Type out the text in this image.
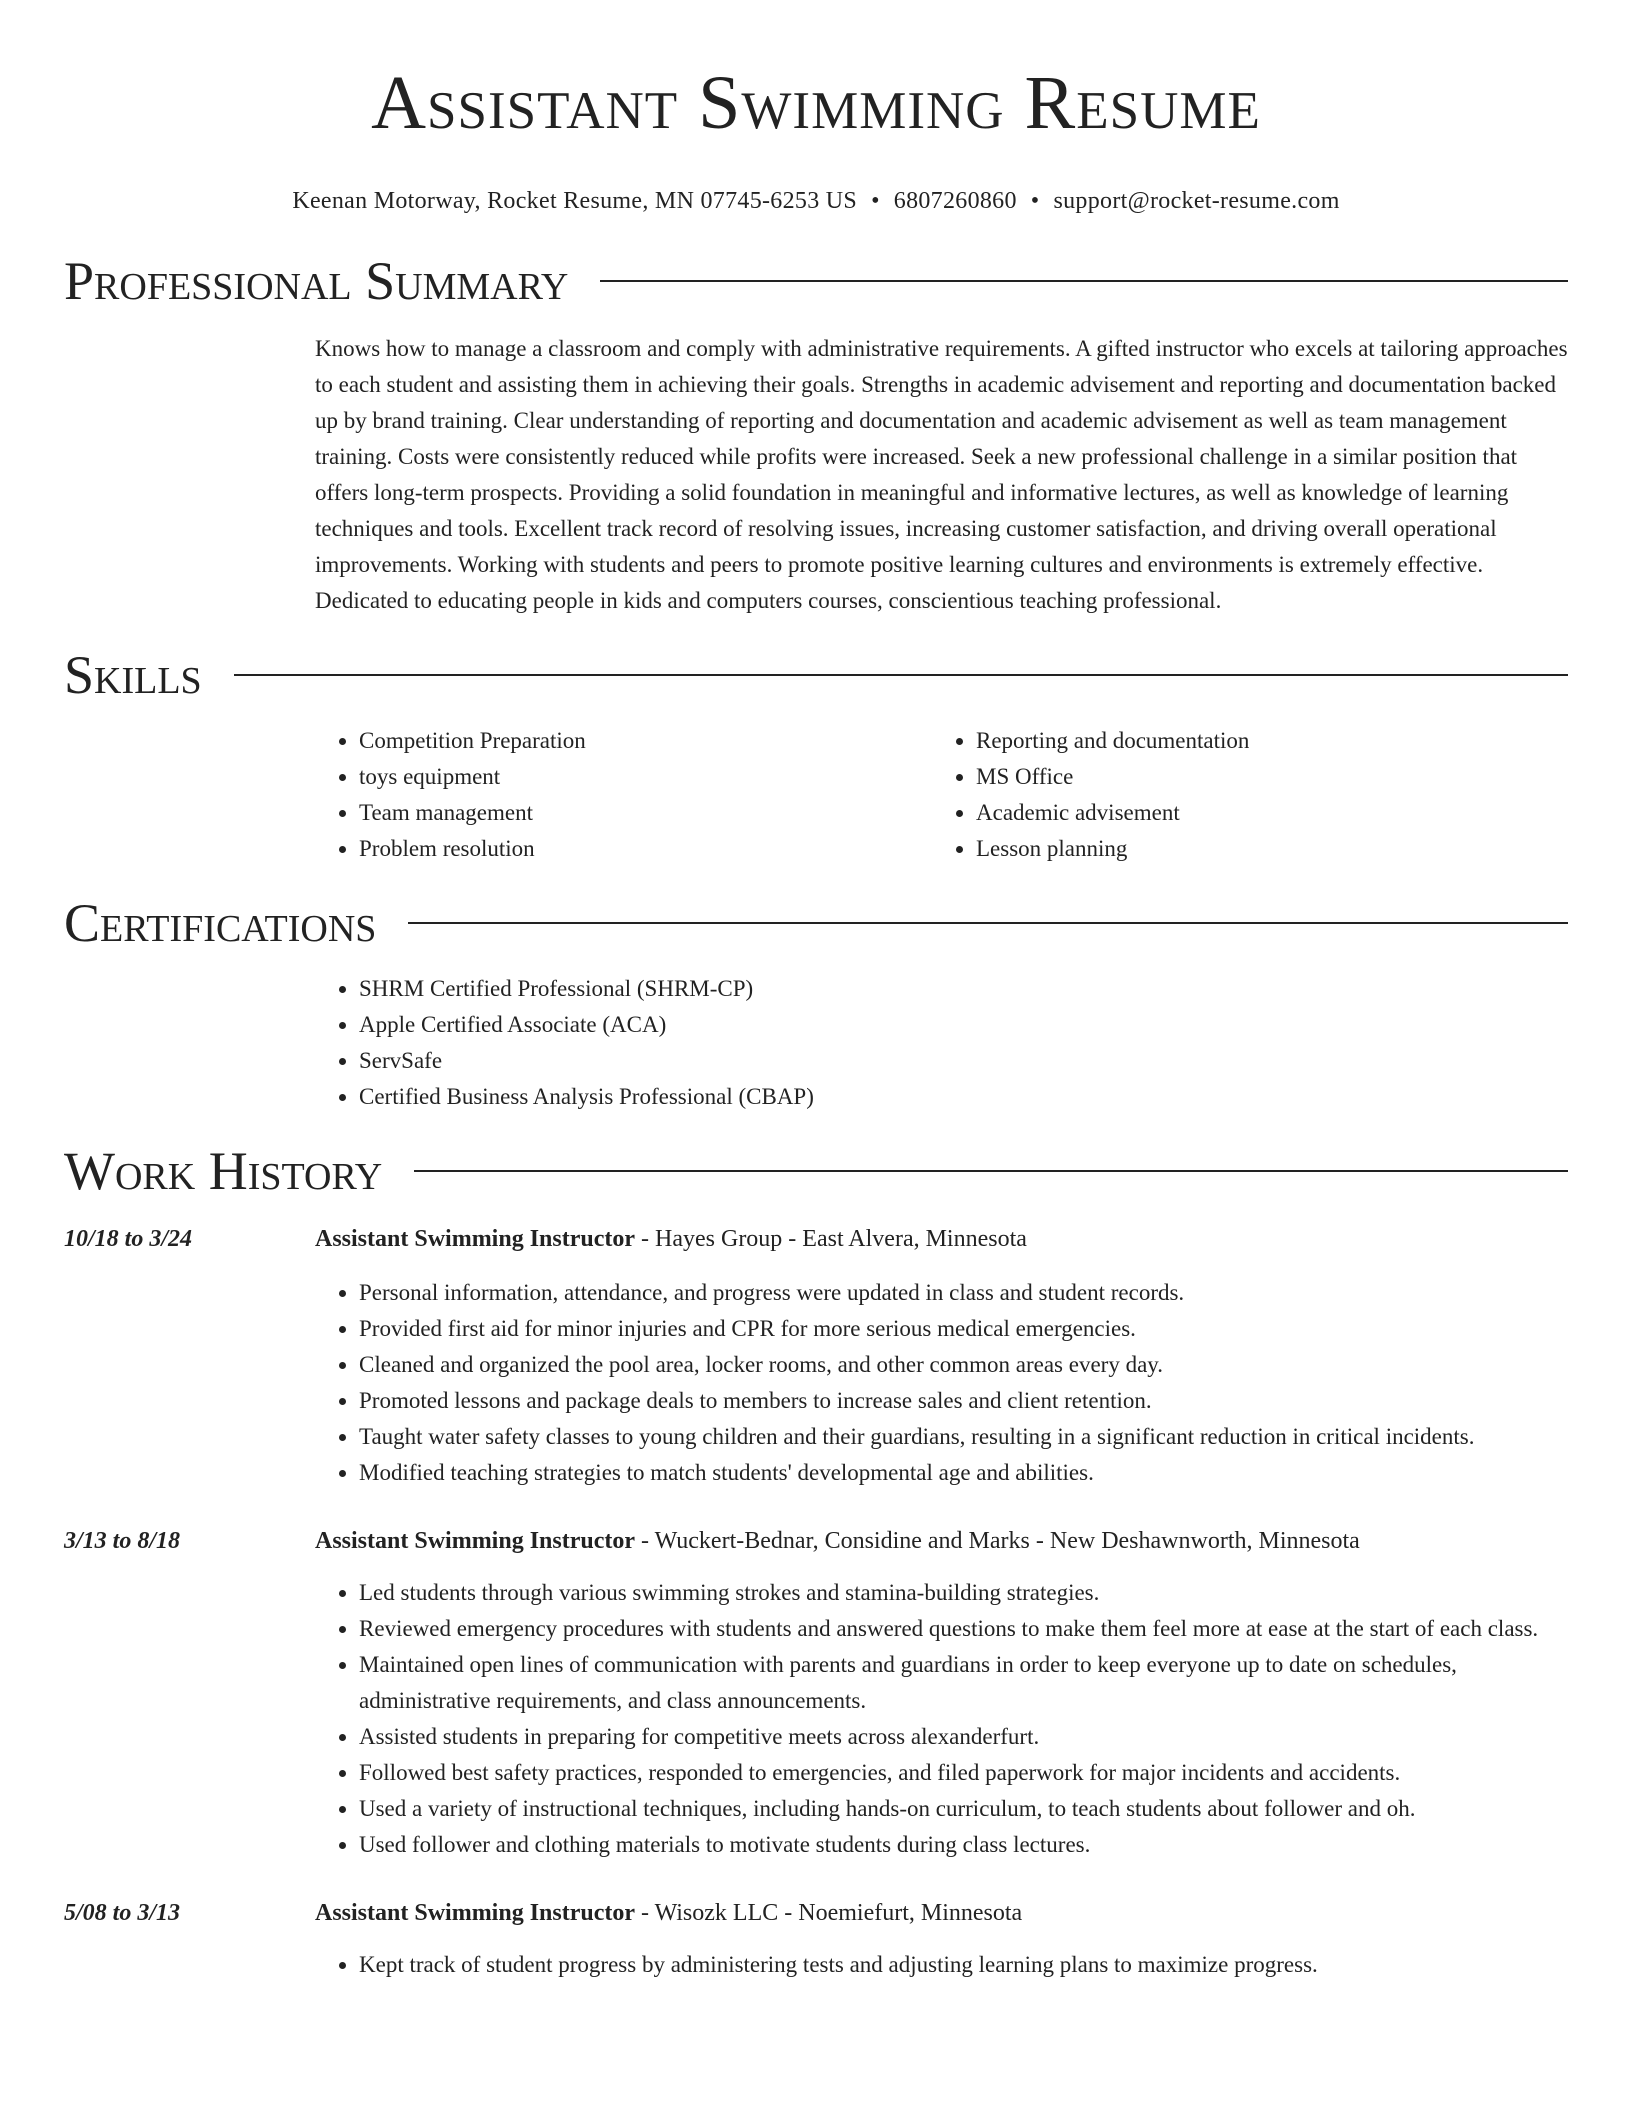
Assistant Swimming Resume
Keenan Motorway, Rocket Resume, MN 07745-6253 US • 6807260860 • support@rocket-resume.com
Professional Summary
Knows how to manage a classroom and comply with administrative requirements. A gifted instructor who excels at tailoring approaches to each student and assisting them in achieving their goals. Strengths in academic advisement and reporting and documentation backed up by brand training. Clear understanding of reporting and documentation and academic advisement as well as team management training. Costs were consistently reduced while profits were increased. Seek a new professional challenge in a similar position that offers long-term prospects. Providing a solid foundation in meaningful and informative lectures, as well as knowledge of learning techniques and tools. Excellent track record of resolving issues, increasing customer satisfaction, and driving overall operational improvements. Working with students and peers to promote positive learning cultures and environments is extremely effective. Dedicated to educating people in kids and computers courses, conscientious teaching professional.
Skills
• Competition Preparation
• toys equipment
• Team management
• Problem resolution
• Reporting and documentation
• MS Office
• Academic advisement
• Lesson planning
Certifications
• SHRM Certified Professional (SHRM-CP)
• Apple Certified Associate (ACA)
• ServSafe
• Certified Business Analysis Professional (CBAP)
Work History
10/18 to 3/24	Assistant Swimming Instructor - Hayes Group - East Alvera, Minnesota
• Personal information, attendance, and progress were updated in class and student records.
• Provided first aid for minor injuries and CPR for more serious medical emergencies.
• Cleaned and organized the pool area, locker rooms, and other common areas every day.
• Promoted lessons and package deals to members to increase sales and client retention.
• Taught water safety classes to young children and their guardians, resulting in a significant reduction in critical incidents.
• Modified teaching strategies to match students' developmental age and abilities.
3/13 to 8/18	Assistant Swimming Instructor - Wuckert-Bednar, Considine and Marks - New Deshawnworth, Minnesota
• Led students through various swimming strokes and stamina-building strategies.
• Reviewed emergency procedures with students and answered questions to make them feel more at ease at the start of each class.
• Maintained open lines of communication with parents and guardians in order to keep everyone up to date on schedules, administrative requirements, and class announcements.
• Assisted students in preparing for competitive meets across alexanderfurt.
• Followed best safety practices, responded to emergencies, and filed paperwork for major incidents and accidents.
• Used a variety of instructional techniques, including hands-on curriculum, to teach students about follower and oh.
• Used follower and clothing materials to motivate students during class lectures.
5/08 to 3/13	Assistant Swimming Instructor - Wisozk LLC - Noemiefurt, Minnesota
• Kept track of student progress by administering tests and adjusting learning plans to maximize progress.
